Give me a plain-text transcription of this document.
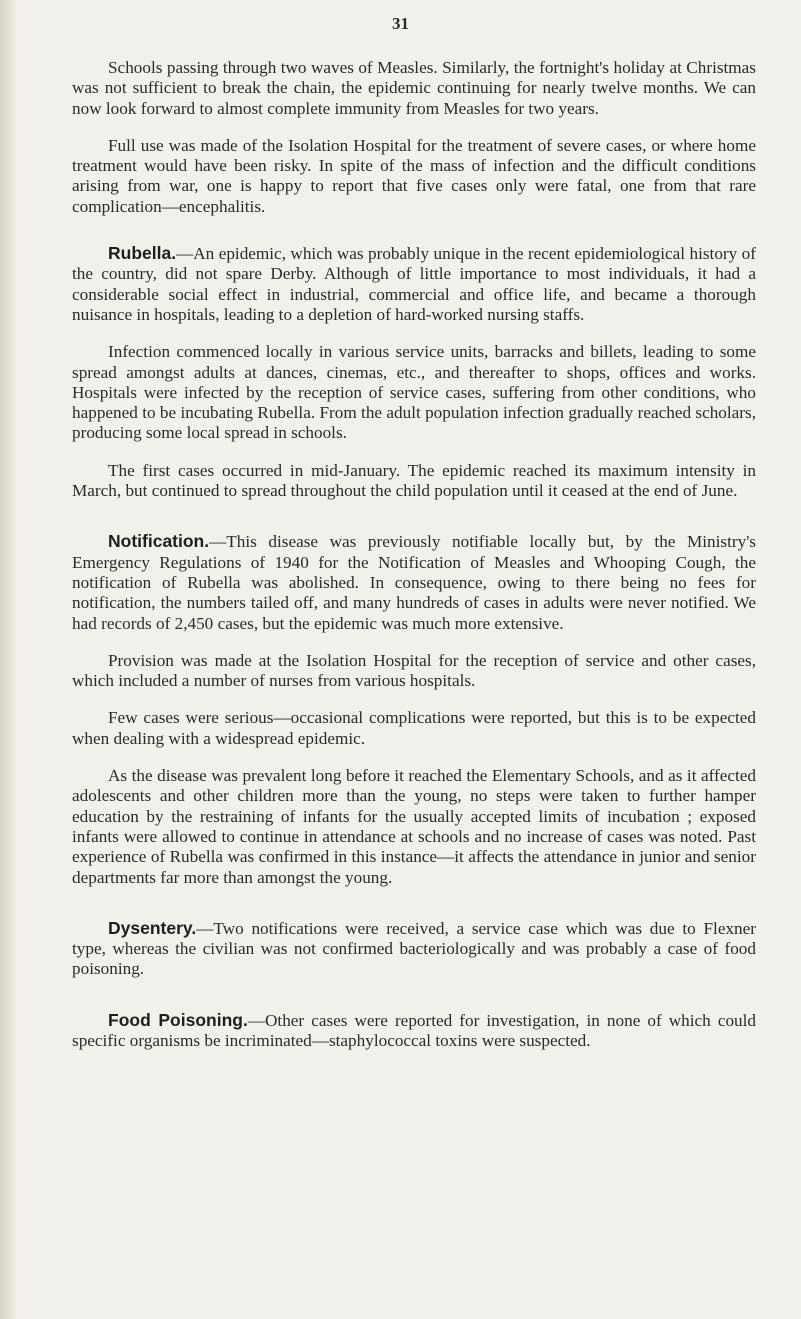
31

Schools passing through two waves of Measles. Similarly, the fortnight's holiday at Christmas was not sufficient to break the chain, the epidemic continuing for nearly twelve months. We can now look forward to almost complete immunity from Measles for two years.

Full use was made of the Isolation Hospital for the treatment of severe cases, or where home treatment would have been risky. In spite of the mass of infection and the difficult conditions arising from war, one is happy to report that five cases only were fatal, one from that rare complication—encephalitis.

Rubella.—An epidemic, which was probably unique in the recent epidemiological history of the country, did not spare Derby. Although of little importance to most individuals, it had a considerable social effect in industrial, commercial and office life, and became a thorough nuisance in hospitals, leading to a depletion of hard-worked nursing staffs.

Infection commenced locally in various service units, barracks and billets, leading to some spread amongst adults at dances, cinemas, etc., and thereafter to shops, offices and works. Hospitals were infected by the reception of service cases, suffering from other conditions, who happened to be incubating Rubella. From the adult population infection gradually reached scholars, producing some local spread in schools.

The first cases occurred in mid-January. The epidemic reached its maximum intensity in March, but continued to spread throughout the child population until it ceased at the end of June.

Notification.—This disease was previously notifiable locally but, by the Ministry's Emergency Regulations of 1940 for the Notification of Measles and Whooping Cough, the notification of Rubella was abolished. In consequence, owing to there being no fees for notification, the numbers tailed off, and many hundreds of cases in adults were never notified. We had records of 2,450 cases, but the epidemic was much more extensive.

Provision was made at the Isolation Hospital for the reception of service and other cases, which included a number of nurses from various hospitals.

Few cases were serious—occasional complications were reported, but this is to be expected when dealing with a widespread epidemic.

As the disease was prevalent long before it reached the Elementary Schools, and as it affected adolescents and other children more than the young, no steps were taken to further hamper education by the restraining of infants for the usually accepted limits of incubation ; exposed infants were allowed to continue in attendance at schools and no increase of cases was noted. Past experience of Rubella was confirmed in this instance—it affects the attendance in junior and senior departments far more than amongst the young.

Dysentery.—Two notifications were received, a service case which was due to Flexner type, whereas the civilian was not confirmed bacteriologically and was probably a case of food poisoning.

Food Poisoning.—Other cases were reported for investigation, in none of which could specific organisms be incriminated—staphylococcal toxins were suspected.
